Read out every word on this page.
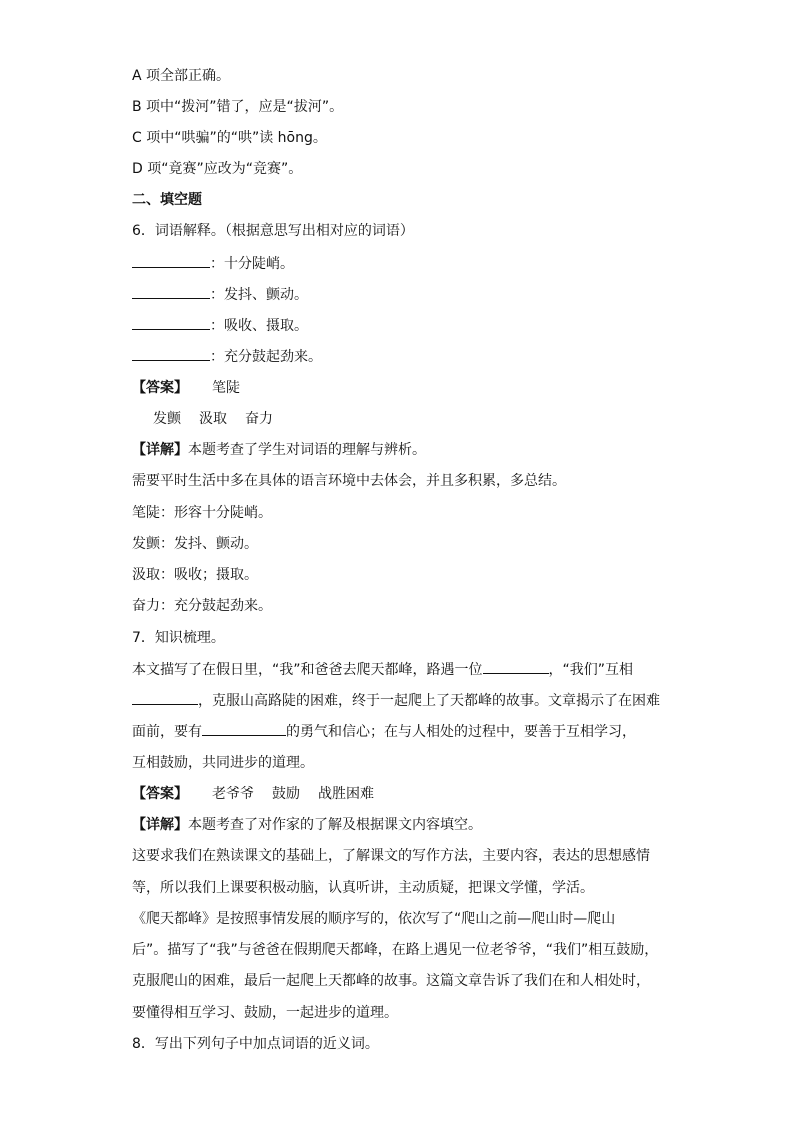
A 项全部正确。
B 项中“拨河”错了，应是“拔河”。
C 项中“哄骗”的“哄”读 hōng。
D 项“竟赛”应改为“竞赛”。
二、填空题
6．词语解释。（根据意思写出相对应的词语）
：十分陡峭。
：发抖、颤动。
：吸收、摄取。
：充分鼓起劲来。
【答案】 笔陡
发颤 汲取 奋力
【详解】本题考查了学生对词语的理解与辨析。
需要平时生活中多在具体的语言环境中去体会，并且多积累，多总结。
笔陡：形容十分陡峭。
发颤：发抖、颤动。
汲取：吸收；摄取。
奋力：充分鼓起劲来。
7．知识梳理。
本文描写了在假日里，“我”和爸爸去爬天都峰，路遇一位	，“我们”互相
，克服山高路陡的困难，终于一起爬上了天都峰的故事。文章揭示了在困难
面前，要有	的勇气和信心；在与人相处的过程中，要善于互相学习，
互相鼓励，共同进步的道理。
【答案】 老爷爷 鼓励 战胜困难
【详解】本题考查了对作家的了解及根据课文内容填空。
这要求我们在熟读课文的基础上，了解课文的写作方法，主要内容，表达的思想感情
等，所以我们上课要积极动脑，认真听讲，主动质疑，把课文学懂，学活。
《爬天都峰》是按照事情发展的顺序写的，依次写了“爬山之前—爬山时—爬山
后”。描写了“我”与爸爸在假期爬天都峰，在路上遇见一位老爷爷，“我们”相互鼓励，
克服爬山的困难，最后一起爬上天都峰的故事。这篇文章告诉了我们在和人相处时，
要懂得相互学习、鼓励，一起进步的道理。
8．写出下列句子中加点词语的近义词。
